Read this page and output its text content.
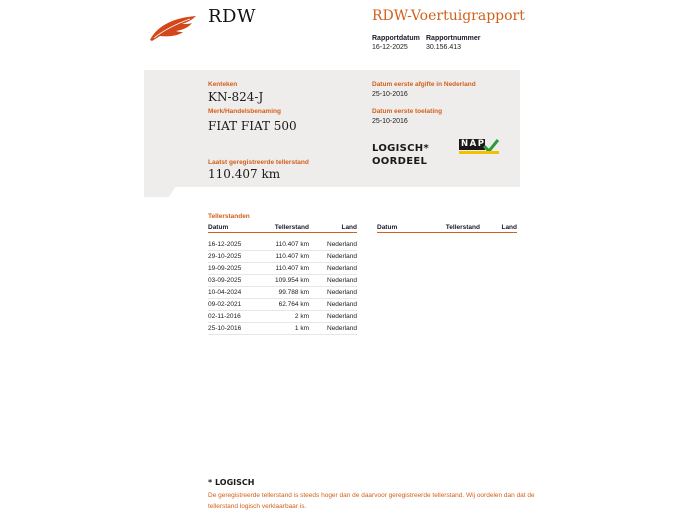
RDW	RDW-Voertuigrapport
Rapportdatum
16-12-2025
Rapportnummer
30.156.413
Kenteken
KN-824-J
Merk/Handelsbenaming
FIAT FIAT 500
Laatst geregistreerde tellerstand
110.407 km
Datum eerste afgifte in Nederland
25-10-2016
Datum eerste toelating
25-10-2016
LOGISCH*
OORDEEL
NAP
Tellerstanden
Datum	Tellerstand	Land

16-12-2025	110.407 km	Nederland
29-10-2025	110.407 km	Nederland
19-09-2025	110.407 km	Nederland
03-09-2025	109.954 km	Nederland
10-04-2024	99.788 km	Nederland
09-02-2021	62.764 km	Nederland
02-11-2016	2 km	Nederland
25-10-2016	1 km	Nederland
Datum	Tellerstand	Land
* LOGISCH
De geregistreerde tellerstand is steeds hoger dan de daarvoor geregistreerde tellerstand. Wij oordelen dan dat de tellerstand logisch verklaarbaar is.
